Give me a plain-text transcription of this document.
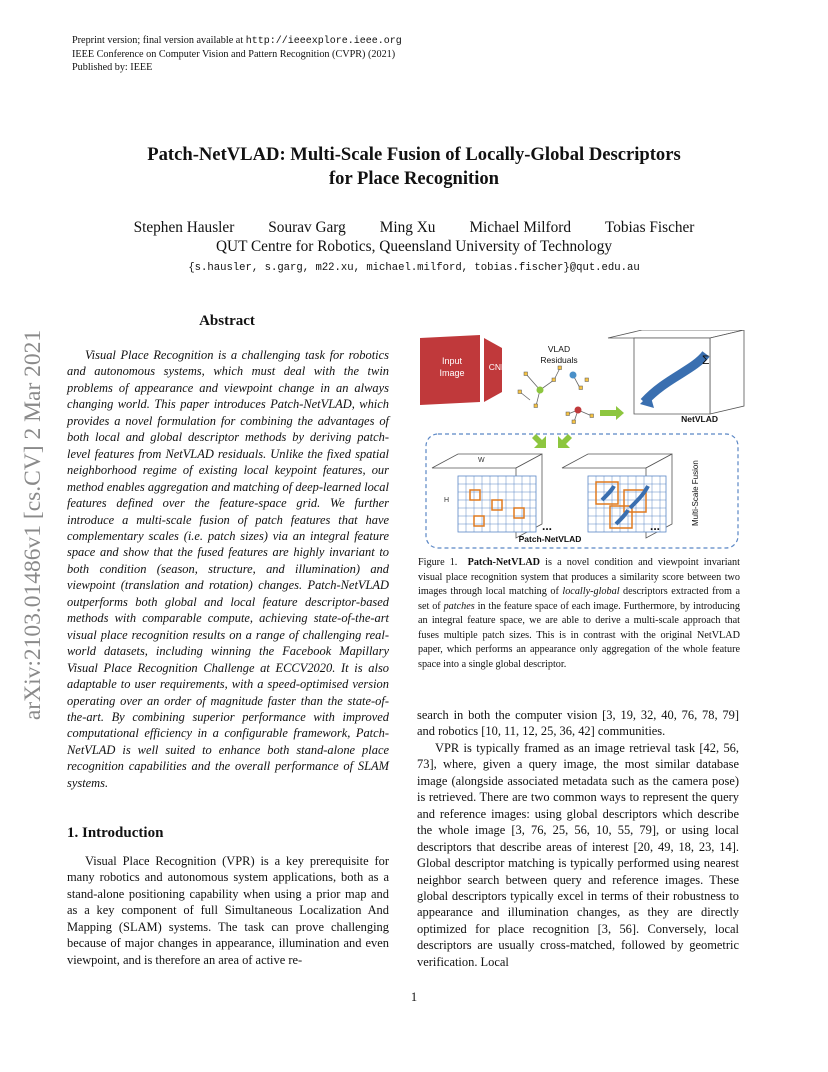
Preprint version; final version available at http://ieeexplore.ieee.org
IEEE Conference on Computer Vision and Pattern Recognition (CVPR) (2021)
Published by: IEEE
Patch-NetVLAD: Multi-Scale Fusion of Locally-Global Descriptors
for Place Recognition
Stephen Hausler Sourav Garg Ming Xu Michael Milford Tobias Fischer
QUT Centre for Robotics, Queensland University of Technology
{s.hausler, s.garg, m22.xu, michael.milford, tobias.fischer}@qut.edu.au
arXiv:2103.01486v1 [cs.CV] 2 Mar 2021
Abstract

Visual Place Recognition is a challenging task for robotics and autonomous systems, which must deal with the twin problems of appearance and viewpoint change in an always changing world. This paper introduces Patch-NetVLAD, which provides a novel formulation for combining the advantages of both local and global descriptor methods by deriving patch-level features from NetVLAD residuals. Unlike the fixed spatial neighborhood regime of existing local keypoint features, our method enables aggregation and matching of deep-learned local features defined over the feature-space grid. We further introduce a multi-scale fusion of patch features that have complementary scales (i.e. patch sizes) via an integral feature space and show that the fused features are highly invariant to both condition (season, structure, and illumination) and viewpoint (translation and rotation) changes. Patch-NetVLAD outperforms both global and local feature descriptor-based methods with comparable compute, achieving state-of-the-art visual place recognition results on a range of challenging real-world datasets, including winning the Facebook Mapillary Visual Place Recognition Challenge at ECCV2020. It is also adaptable to user requirements, with a speed-optimised version operating over an order of magnitude faster than the state-of-the-art. By combining superior performance with improved computational efficiency in a configurable framework, Patch-NetVLAD is well suited to enhance both stand-alone place recognition capabilities and the overall performance of SLAM systems.

1. Introduction

Visual Place Recognition (VPR) is a key prerequisite for many robotics and autonomous system applications, both as a stand-alone positioning capability when using a prior map and as a key component of full Simultaneous Localization And Mapping (SLAM) systems. The task can prove challenging because of major changes in appearance, illumination and even viewpoint, and is therefore an area of active re-

Input
Image
CNN
VLAD
Residuals	Σ
NetVLAD
W
H
...	...	Multi-Scale Fusion
Patch-NetVLAD
Figure 1. Patch-NetVLAD is a novel condition and viewpoint invariant visual place recognition system that produces a similarity score between two images through local matching of locally-global descriptors extracted from a set of patches in the feature space of each image. Furthermore, by introducing an integral feature space, we are able to derive a multi-scale approach that fuses multiple patch sizes. This is in contrast with the original NetVLAD paper, which performs an appearance only aggregation of the whole feature space into a single global descriptor.

search in both the computer vision [3, 19, 32, 40, 76, 78, 79] and robotics [10, 11, 12, 25, 36, 42] communities.

VPR is typically framed as an image retrieval task [42, 56, 73], where, given a query image, the most similar database image (alongside associated metadata such as the camera pose) is retrieved. There are two common ways to represent the query and reference images: using global descriptors which describe the whole image [3, 76, 25, 56, 10, 55, 79], or using local descriptors that describe areas of interest [20, 49, 18, 23, 14]. Global descriptor matching is typically performed using nearest neighbor search between query and reference images. These global descriptors typically excel in terms of their robustness to appearance and illumination changes, as they are directly optimized for place recognition [3, 56]. Conversely, local descriptors are usually cross-matched, followed by geometric verification. Local

1
